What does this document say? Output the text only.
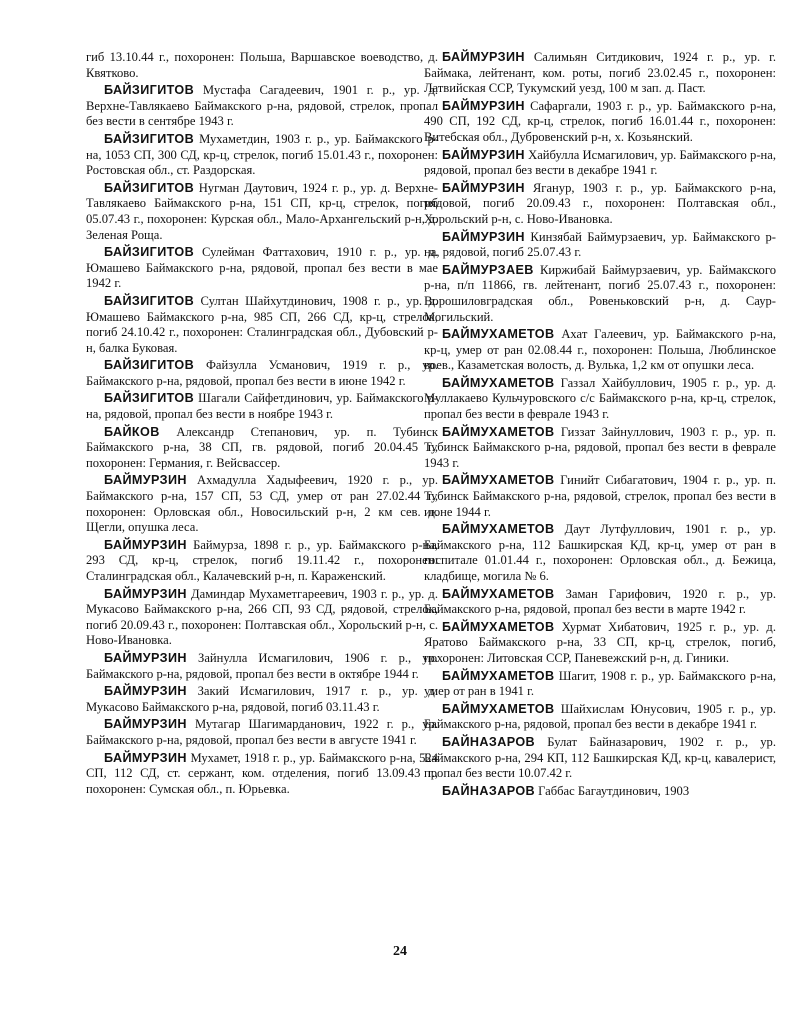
гиб 13.10.44 г., похоронен: Польша, Варшавское воеводство, д. Квятково.

БАЙЗИГИТОВ Мустафа Сагадеевич, 1901 г. р., ур. д. Верхне-Тавлякаево Баймакского р-на, рядовой, стрелок, пропал без вести в сентябре 1943 г.

БАЙЗИГИТОВ Мухаметдин, 1903 г. р., ур. Баймакского р-на, 1053 СП, 300 СД, кр-ц, стрелок, погиб 15.01.43 г., похоронен: Ростовская обл., ст. Раздорская.

БАЙЗИГИТОВ Нугман Даутович, 1924 г. р., ур. д. Верхне-Тавлякаево Баймакского р-на, 151 СП, кр-ц, стрелок, погиб 05.07.43 г., похоронен: Курская обл., Мало-Архангельский р-н, д. Зеленая Роща.

БАЙЗИГИТОВ Сулейман Фаттахович, 1910 г. р., ур. д. Юмашево Баймакского р-на, рядовой, пропал без вести в мае 1942 г.

БАЙЗИГИТОВ Султан Шайхутдинович, 1908 г. р., ур. д. Юмашево Баймакского р-на, 985 СП, 266 СД, кр-ц, стрелок, погиб 24.10.42 г., похоронен: Сталинградская обл., Дубовский р-н, балка Буковая.

БАЙЗИГИТОВ Файзулла Усманович, 1919 г. р., ур. Баймакского р-на, рядовой, пропал без вести в июне 1942 г.

БАЙЗИГИТОВ Шагали Сайфетдинович, ур. Баймакского р-на, рядовой, пропал без вести в ноябре 1943 г.

БАЙКОВ Александр Степанович, ур. п. Тубинск Баймакского р-на, 38 СП, гв. рядовой, погиб 20.04.45 г., похоронен: Германия, г. Вейсвассер.

БАЙМУРЗИН Ахмадулла Хадыфеевич, 1920 г. р., ур. Баймакского р-на, 157 СП, 53 СД, умер от ран 27.02.44 г., похоронен: Орловская обл., Новосильский р-н, 2 км сев. д. Щегли, опушка леса.

БАЙМУРЗИН Баймурза, 1898 г. р., ур. Баймакского р-на, 293 СД, кр-ц, стрелок, погиб 19.11.42 г., похоронен: Сталинградская обл., Калачевский р-н, п. Караженский.

БАЙМУРЗИН Даминдар Мухаметгареевич, 1903 г. р., ур. д. Мукасово Баймакского р-на, 266 СП, 93 СД, рядовой, стрелок, погиб 20.09.43 г., похоронен: Полтавская обл., Хорольский р-н, с. Ново-Ивановка.

БАЙМУРЗИН Зайнулла Исмагилович, 1906 г. р., ур. Баймакского р-на, рядовой, пропал без вести в октябре 1944 г.

БАЙМУРЗИН Закий Исмагилович, 1917 г. р., ур. д. Мукасово Баймакского р-на, рядовой, погиб 03.11.43 г.

БАЙМУРЗИН Мутагар Шагимарданович, 1922 г. р., ур. Баймакского р-на, рядовой, пропал без вести в августе 1941 г.

БАЙМУРЗИН Мухамет, 1918 г. р., ур. Баймакского р-на, 524 СП, 112 СД, ст. сержант, ком. отделения, погиб 13.09.43 г., похоронен: Сумская обл., п. Юрьевка.

БАЙМУРЗИН Салимьян Ситдикович, 1924 г. р., ур. г. Баймака, лейтенант, ком. роты, погиб 23.02.45 г., похоронен: Латвийская ССР, Тукумский уезд, 100 м зап. д. Паст.

БАЙМУРЗИН Сафаргали, 1903 г. р., ур. Баймакского р-на, 490 СП, 192 СД, кр-ц, стрелок, погиб 16.01.44 г., похоронен: Витебская обл., Дубровенский р-н, х. Козьянский.

БАЙМУРЗИН Хайбулла Исмагилович, ур. Баймакского р-на, рядовой, пропал без вести в декабре 1941 г.

БАЙМУРЗИН Яганур, 1903 г. р., ур. Баймакского р-на, рядовой, погиб 20.09.43 г., похоронен: Полтавская обл., Хорольский р-н, с. Ново-Ивановка.

БАЙМУРЗИН Кинзябай Баймурзаевич, ур. Баймакского р-на, рядовой, погиб 25.07.43 г.

БАЙМУРЗАЕВ Киржибай Баймурзаевич, ур. Баймакского р-на, п/п 11866, гв. лейтенант, погиб 25.07.43 г., похоронен: Ворошиловградская обл., Ровеньковский р-н, д. Саур-Могильский.

БАЙМУХАМЕТОВ Ахат Галеевич, ур. Баймакского р-на, кр-ц, умер от ран 02.08.44 г., похоронен: Польша, Люблинское воев., Казаметская волость, д. Вулька, 1,2 км от опушки леса.

БАЙМУХАМЕТОВ Газзал Хайбуллович, 1905 г. р., ур. д. Муллакаево Кульчуровского с/с Баймакского р-на, кр-ц, стрелок, пропал без вести в феврале 1943 г.

БАЙМУХАМЕТОВ Гиззат Зайнуллович, 1903 г. р., ур. п. Тубинск Баймакского р-на, рядовой, пропал без вести в феврале 1943 г.

БАЙМУХАМЕТОВ Гинийт Сибагатович, 1904 г. р., ур. п. Тубинск Баймакского р-на, рядовой, стрелок, пропал без вести в июне 1944 г.

БАЙМУХАМЕТОВ Даут Лутфуллович, 1901 г. р., ур. Баймакского р-на, 112 Башкирская КД, кр-ц, умер от ран в госпитале 01.01.44 г., похоронен: Орловская обл., д. Бежица, кладбище, могила № 6.

БАЙМУХАМЕТОВ Заман Гарифович, 1920 г. р., ур. Баймакского р-на, рядовой, пропал без вести в марте 1942 г.

БАЙМУХАМЕТОВ Хурмат Хибатович, 1925 г. р., ур. д. Яратово Баймакского р-на, 33 СП, кр-ц, стрелок, погиб, похоронен: Литовская ССР, Паневежский р-н, д. Гиники.

БАЙМУХАМЕТОВ Шагит, 1908 г. р., ур. Баймакского р-на, умер от ран в 1941 г.

БАЙМУХАМЕТОВ Шайхислам Юнусович, 1905 г. р., ур. Баймакского р-на, рядовой, пропал без вести в декабре 1941 г.

БАЙНАЗАРОВ Булат Байназарович, 1902 г. р., ур. Баймакского р-на, 294 КП, 112 Башкирская КД, кр-ц, кавалерист, пропал без вести 10.07.42 г.

БАЙНАЗАРОВ Габбас Багаутдинович, 1903

24
